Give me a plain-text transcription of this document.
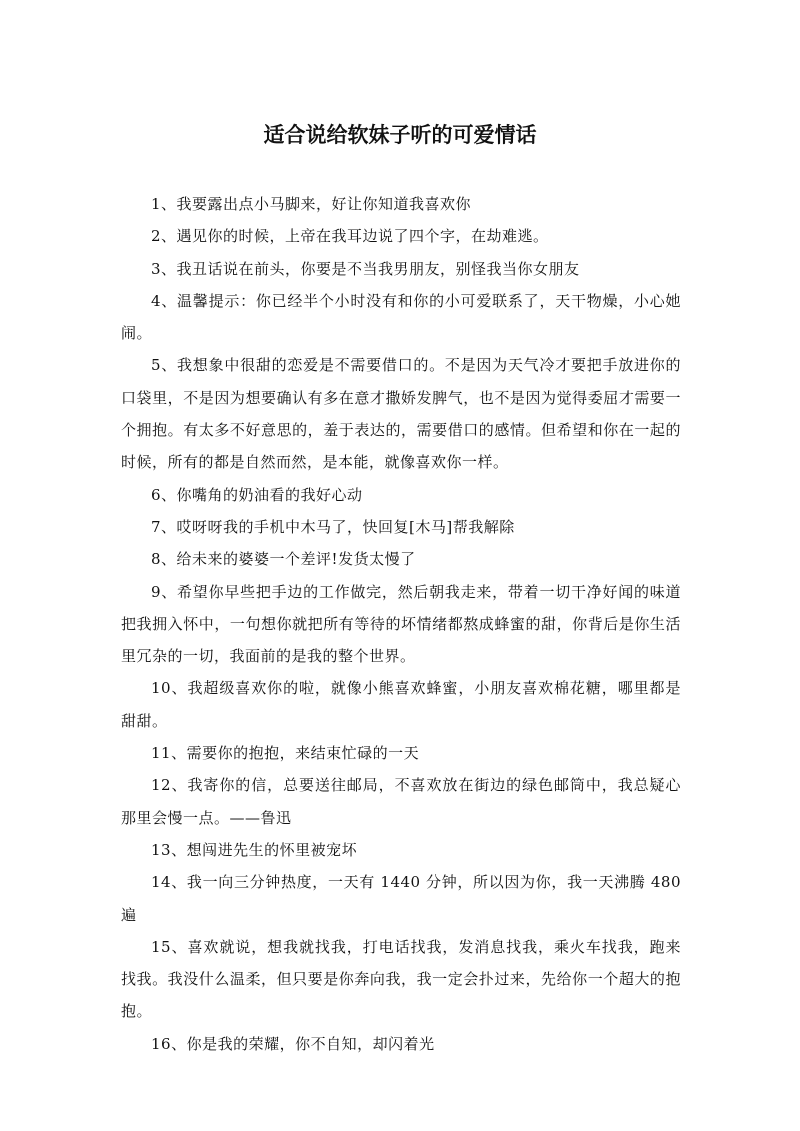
适合说给软妹子听的可爱情话

1、我要露出点小马脚来，好让你知道我喜欢你

2、遇见你的时候，上帝在我耳边说了四个字，在劫难逃。

3、我丑话说在前头，你要是不当我男朋友，别怪我当你女朋友

4、温馨提示：你已经半个小时没有和你的小可爱联系了，天干物燥，小心她闹。

5、我想象中很甜的恋爱是不需要借口的。不是因为天气冷才要把手放进你的口袋里，不是因为想要确认有多在意才撒娇发脾气，也不是因为觉得委屈才需要一个拥抱。有太多不好意思的，羞于表达的，需要借口的感情。但希望和你在一起的时候，所有的都是自然而然，是本能，就像喜欢你一样。

6、你嘴角的奶油看的我好心动

7、哎呀呀我的手机中木马了，快回复[木马]帮我解除

8、给未来的婆婆一个差评!发货太慢了

9、希望你早些把手边的工作做完，然后朝我走来，带着一切干净好闻的味道把我拥入怀中，一句想你就把所有等待的坏情绪都熬成蜂蜜的甜，你背后是你生活里冗杂的一切，我面前的是我的整个世界。

10、我超级喜欢你的啦，就像小熊喜欢蜂蜜，小朋友喜欢棉花糖，哪里都是甜甜。

11、需要你的抱抱，来结束忙碌的一天

12、我寄你的信，总要送往邮局，不喜欢放在街边的绿色邮筒中，我总疑心那里会慢一点。——鲁迅

13、想闯进先生的怀里被宠坏

14、我一向三分钟热度，一天有 1440 分钟，所以因为你，我一天沸腾 480 遍

15、喜欢就说，想我就找我，打电话找我，发消息找我，乘火车找我，跑来找我。我没什么温柔，但只要是你奔向我，我一定会扑过来，先给你一个超大的抱抱。

16、你是我的荣耀，你不自知，却闪着光
